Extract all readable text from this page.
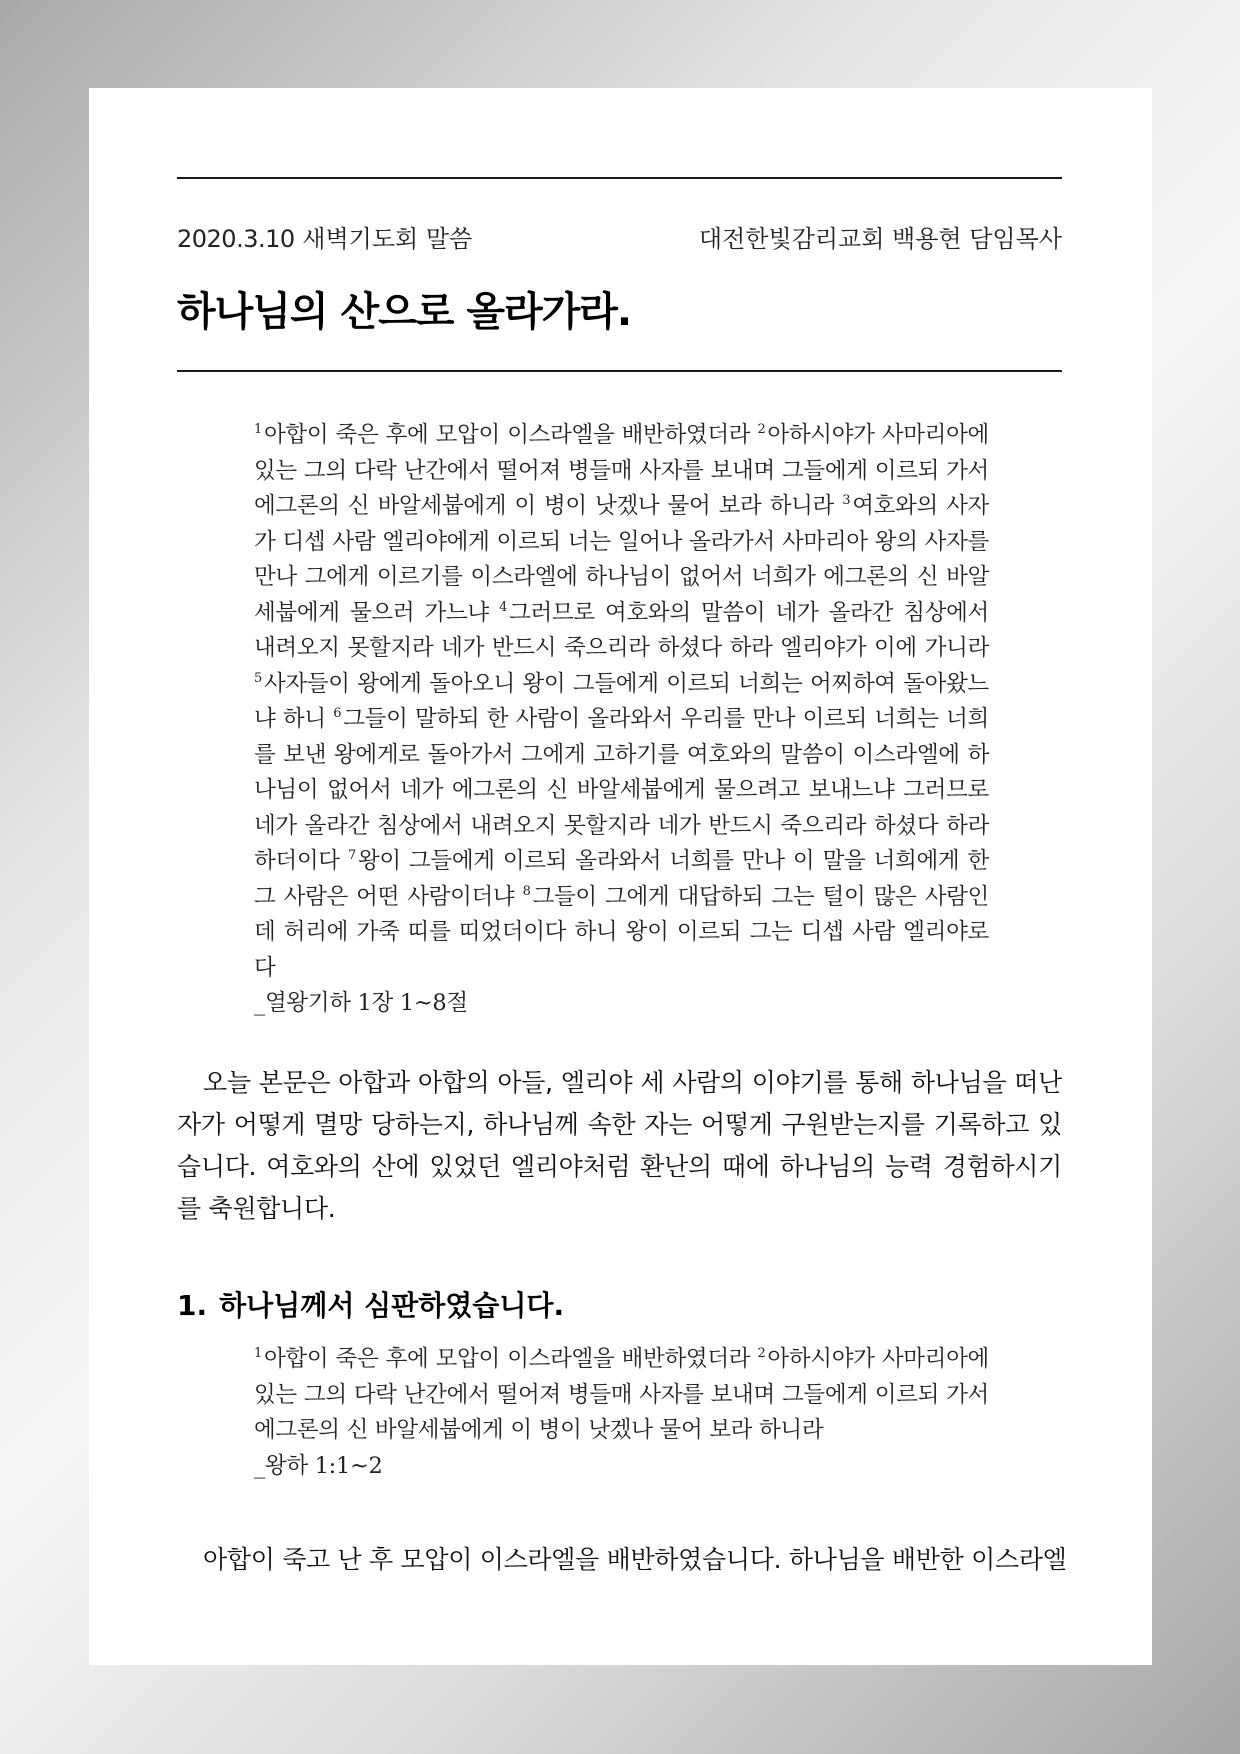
2020.3.10 새벽기도회 말씀	대전한빛감리교회 백용현 담임목사
하나님의 산으로 올라가라.
$^1$아합이 죽은 후에 모압이 이스라엘을 배반하였더라 $^2$아하시야가 사마리아에 있는 그의 다락 난간에서 떨어져 병들매 사자를 보내며 그들에게 이르되 가서 에그론의 신 바알세붑에게 이 병이 낫겠나 물어 보라 하니라 $^3$여호와의 사자가 디셉 사람 엘리야에게 이르되 너는 일어나 올라가서 사마리아 왕의 사자를 만나 그에게 이르기를 이스라엘에 하나님이 없어서 너희가 에그론의 신 바알세붑에게 물으러 가느냐 $^4$그러므로 여호와의 말씀이 네가 올라간 침상에서 내려오지 못할지라 네가 반드시 죽으리라 하셨다 하라 엘리야가 이에 가니라 $^5$사자들이 왕에게 돌아오니 왕이 그들에게 이르되 너희는 어찌하여 돌아왔느냐 하니 $^6$그들이 말하되 한 사람이 올라와서 우리를 만나 이르되 너희는 너희를 보낸 왕에게로 돌아가서 그에게 고하기를 여호와의 말씀이 이스라엘에 하나님이 없어서 네가 에그론의 신 바알세붑에게 물으려고 보내느냐 그러므로 네가 올라간 침상에서 내려오지 못할지라 네가 반드시 죽으리라 하셨다 하라 하더이다 $^7$왕이 그들에게 이르되 올라와서 너희를 만나 이 말을 너희에게 한 그 사람은 어떤 사람이더냐 $^8$그들이 그에게 대답하되 그는 털이 많은 사람인데 허리에 가죽 띠를 띠었더이다 하니 왕이 이르되 그는 디셉 사람 엘리야로다
_열왕기하 1장 1~8절

오늘 본문은 아합과 아합의 아들, 엘리야 세 사람의 이야기를 통해 하나님을 떠난 자가 어떻게 멸망 당하는지, 하나님께 속한 자는 어떻게 구원받는지를 기록하고 있습니다. 여호와의 산에 있었던 엘리야처럼 환난의 때에 하나님의 능력 경험하시기를 축원합니다.

1. 하나님께서 심판하였습니다.
$^1$아합이 죽은 후에 모압이 이스라엘을 배반하였더라 $^2$아하시야가 사마리아에 있는 그의 다락 난간에서 떨어져 병들매 사자를 보내며 그들에게 이르되 가서 에그론의 신 바알세붑에게 이 병이 낫겠나 물어 보라 하니라
_왕하 1:1~2

아합이 죽고 난 후 모압이 이스라엘을 배반하였습니다. 하나님을 배반한 이스라엘
